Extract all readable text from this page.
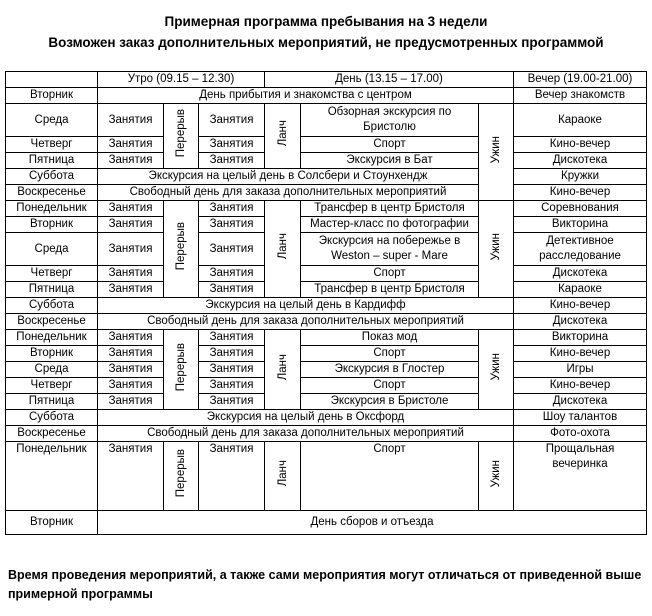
Примерная программа пребывания на 3 недели
Возможен заказ дополнительных мероприятий, не предусмотренных программой
	Утро (09.15 – 12.30)			День (13.15 – 17.00)			Вечер (19.00-21.00)
Вторник	День прибытия и знакомства с центром						Вечер знакомств
Среда	Занятия	Перерыв	Занятия	Ланч	Обзорная экскурсия по Бристолю	Ужин	Караоке
Четверг	Занятия		Занятия		Спорт		Кино-вечер
Пятница	Занятия		Занятия		Экскурсия в Бат		Дискотека
Суббота	Экскурсия на целый день в Солсбери и Стоунхендж						Кружки
Воскресенье	Свободный день для заказа дополнительных мероприятий						Кино-вечер
Понедельник	Занятия	Перерыв	Занятия	Ланч	Трансфер в центр Бристоля	Ужин	Соревнования
Вторник	Занятия		Занятия		Мастер-класс по фотографии		Викторина
Среда	Занятия		Занятия		Экскурсия на побережье в Weston – super - Mare		Детективное расследование
Четверг	Занятия		Занятия		Спорт		Дискотека
Пятница	Занятия		Занятия		Трансфер в центр Бристоля		Караоке
Суббота	Экскурсия на целый день в Кардифф						Кино-вечер
Воскресенье	Свободный день для заказа дополнительных мероприятий						Дискотека
Понедельник	Занятия	Перерыв	Занятия	Ланч	Показ мод	Ужин	Викторина
Вторник	Занятия		Занятия		Спорт		Кино-вечер
Среда	Занятия		Занятия		Экскурсия в Глостер		Игры
Четверг	Занятия		Занятия		Спорт		Кино-вечер
Пятница	Занятия		Занятия		Экскурсия в Бристоле		Дискотека
Суббота	Экскурсия на целый день в Оксфорд						Шоу талантов
Воскресенье	Свободный день для заказа дополнительных мероприятий						Фото-охота
Понедельник	Занятия	Перерыв	Занятия	Ланч	Спорт	Ужин	Прощальная вечеринка
Вторник	День сборов и отъезда						
Время проведения мероприятий, а также сами мероприятия могут отличаться от приведенной выше примерной программы
